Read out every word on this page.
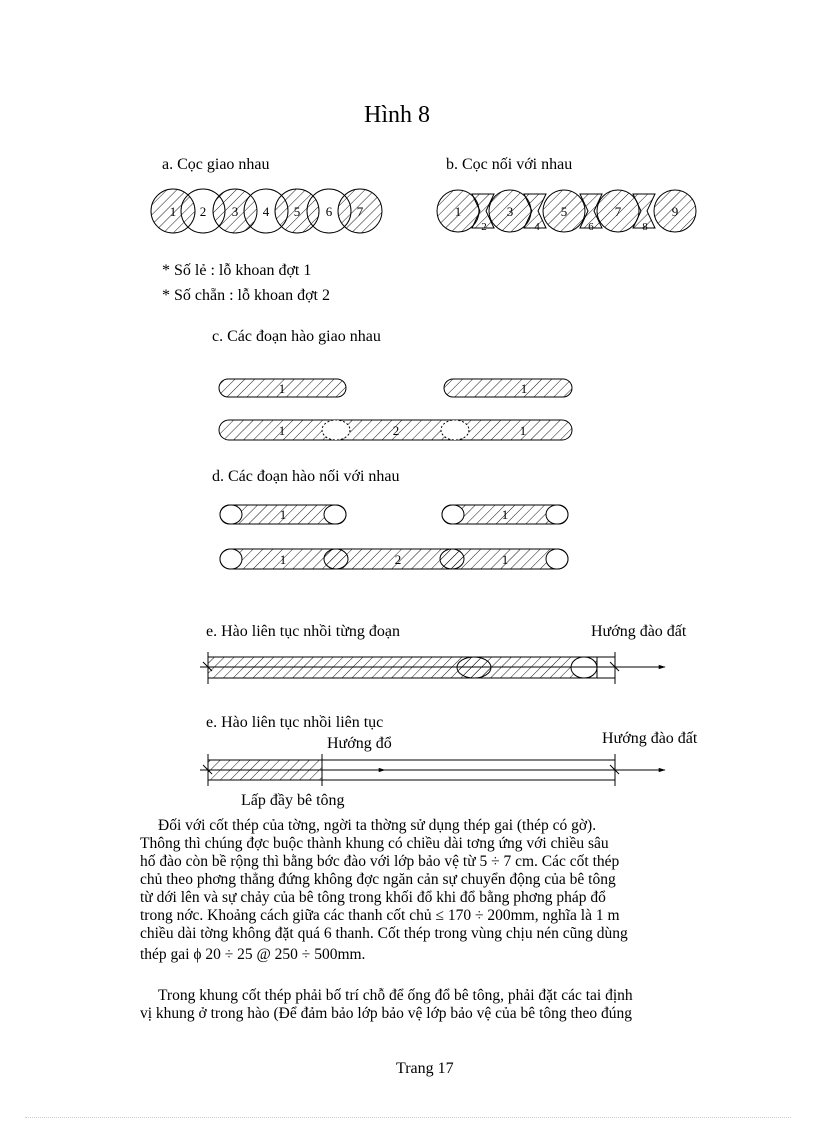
Hình 8
a. Cọc giao nhau	b. Cọc nối với nhau
* Số lẻ : lỗ khoan đợt 1
* Số chẵn : lỗ khoan đợt 2
c. Các đoạn hào giao nhau
d. Các đoạn hào nối với nhau
e. Hào liên tục nhồi từng đoạn	Hướng đào đất
e. Hào liên tục nhồi liên tục
Hướng đổ	Hướng đào đất
Lấp đầy bê tông
1 2 3 4 5 6 7	1	3	5	7	9
2	4	6	8
1	1
1	2	1
1	1
1	2	1
Đối với cốt thép của tờng, ngời ta thờng sử dụng thép gai (thép có gờ).
Thông thì chúng đợc buộc thành khung có chiều dài tơng ứng với chiều sâu
hố đào còn bề rộng thì bằng bớc đào với lớp bảo vệ từ 5 ÷ 7 cm. Các cốt thép
chủ theo phơng thẳng đứng không đợc ngăn cản sự chuyển động của bê tông
từ dới lên và sự chảy của bê tông trong khối đổ khi đổ bằng phơng pháp đổ
trong nớc. Khoảng cách giữa các thanh cốt chủ ≤ 170 ÷ 200mm, nghĩa là 1 m
chiều dài tờng không đặt quá 6 thanh. Cốt thép trong vùng chịu nén cũng dùng
thép gai ϕ 20 ÷ 25 @ 250 ÷ 500mm.
Trong khung cốt thép phải bố trí chỗ để ống đổ bê tông, phải đặt các tai định
vị khung ở trong hào (Để đảm bảo lớp bảo vệ lớp bảo vệ của bê tông theo đúng
Trang 17
